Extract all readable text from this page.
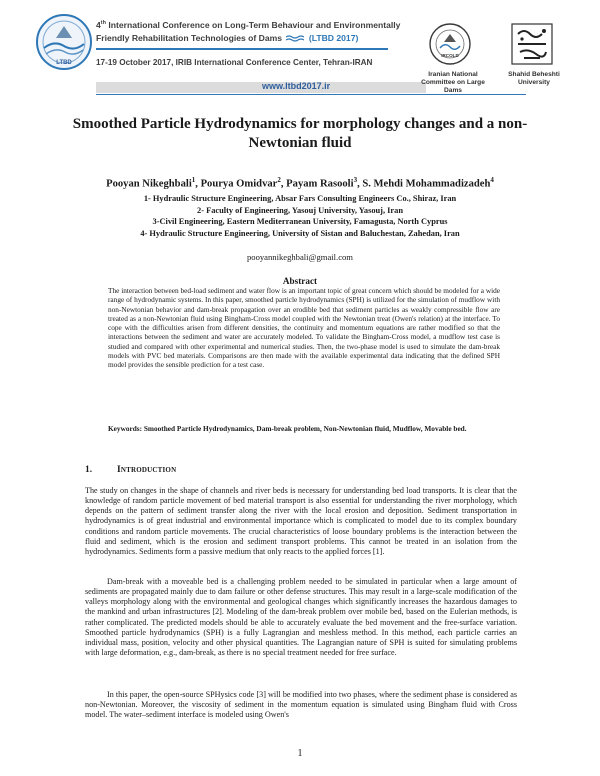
LTBD
4th International Conference on Long-Term Behaviour and Environmentally
Friendly Rehabilitation Technologies of Dams	(LTBD 2017)
17-19 October 2017, IRIB International Conference Center, Tehran-IRAN
www.ltbd2017.ir
IRCOLD
Iranian National Committee on Large Dams
Shahid Beheshti University
Smoothed Particle Hydrodynamics for morphology changes and a non-Newtonian fluid
Pooyan Nikeghbali$^1$, Pourya Omidvar$^2$, Payam Rasooli$^3$, S. Mehdi Mohammadizadeh$^4$
1- Hydraulic Structure Engineering, Absar Fars Consulting Engineers Co., Shiraz, Iran
2- Faculty of Engineering, Yasouj University, Yasouj, Iran
3-Civil Engineering, Eastern Mediterranean University, Famagusta, North Cyprus
4- Hydraulic Structure Engineering, University of Sistan and Baluchestan, Zahedan, Iran
pooyannikeghbali@gmail.com
Abstract
The interaction between bed-load sediment and water flow is an important topic of great concern which should be modeled for a wide range of hydrodynamic systems. In this paper, smoothed particle hydrodynamics (SPH) is utilized for the simulation of mudflow with non-Newtonian behavior and dam-break propagation over an erodible bed that sediment particles as weakly compressible flow are treated as a non-Newtonian fluid using Bingham-Cross model coupled with the Newtonian treat (Owen's relation) at the interface. To cope with the difficulties arisen from different densities, the continuity and momentum equations are rather modified so that the interactions between the sediment and water are accurately modeled. To validate the Bingham-Cross model, a mudflow test case is studied and compared with other experimental and numerical studies. Then, the two-phase model is used to simulate the dam-break models with PVC bed materials. Comparisons are then made with the available experimental data indicating that the defined SPH model provides the sensible prediction for a test case.
Keywords: Smoothed Particle Hydrodynamics, Dam-break problem, Non-Newtonian fluid, Mudflow, Movable bed.
1.	Introduction
The study on changes in the shape of channels and river beds is necessary for understanding bed load transports. It is clear that the knowledge of random particle movement of bed material transport is also essential for understanding the river morphology, which depends on the pattern of sediment transfer along the river with the local erosion and deposition. Sediment transportation in hydrodynamics is of great industrial and environmental importance which is complicated to model due to its complex boundary conditions and random particle movements. The crucial characteristics of loose boundary problems is the interaction between the fluid and sediment, which is the erosion and sediment transport problems. This cannot be treated in an isolation from the hydrodynamics. Sediments form a passive medium that only reacts to the applied forces [1].
Dam-break with a moveable bed is a challenging problem needed to be simulated in particular when a large amount of sediments are propagated mainly due to dam failure or other defense structures. This may result in a large-scale modification of the valleys morphology along with the environmental and geological changes which significantly increases the hazardous damages to the mankind and urban infrastructures [2]. Modeling of the dam-break problem over mobile bed, based on the Eulerian methods, is rather complicated. The predicted models should be able to accurately evaluate the bed movement and the free-surface variation. Smoothed particle hydrodynamics (SPH) is a fully Lagrangian and meshless method. In this method, each particle carries an individual mass, position, velocity and other physical quantities. The Lagrangian nature of SPH is suited for simulating problems with large deformation, e.g., dam-break, as there is no special treatment needed for free surface.
In this paper, the open-source SPHysics code [3] will be modified into two phases, where the sediment phase is considered as non-Newtonian. Moreover, the viscosity of sediment in the momentum equation is simulated using Bingham fluid with Cross model. The water–sediment interface is modeled using Owen's
1
